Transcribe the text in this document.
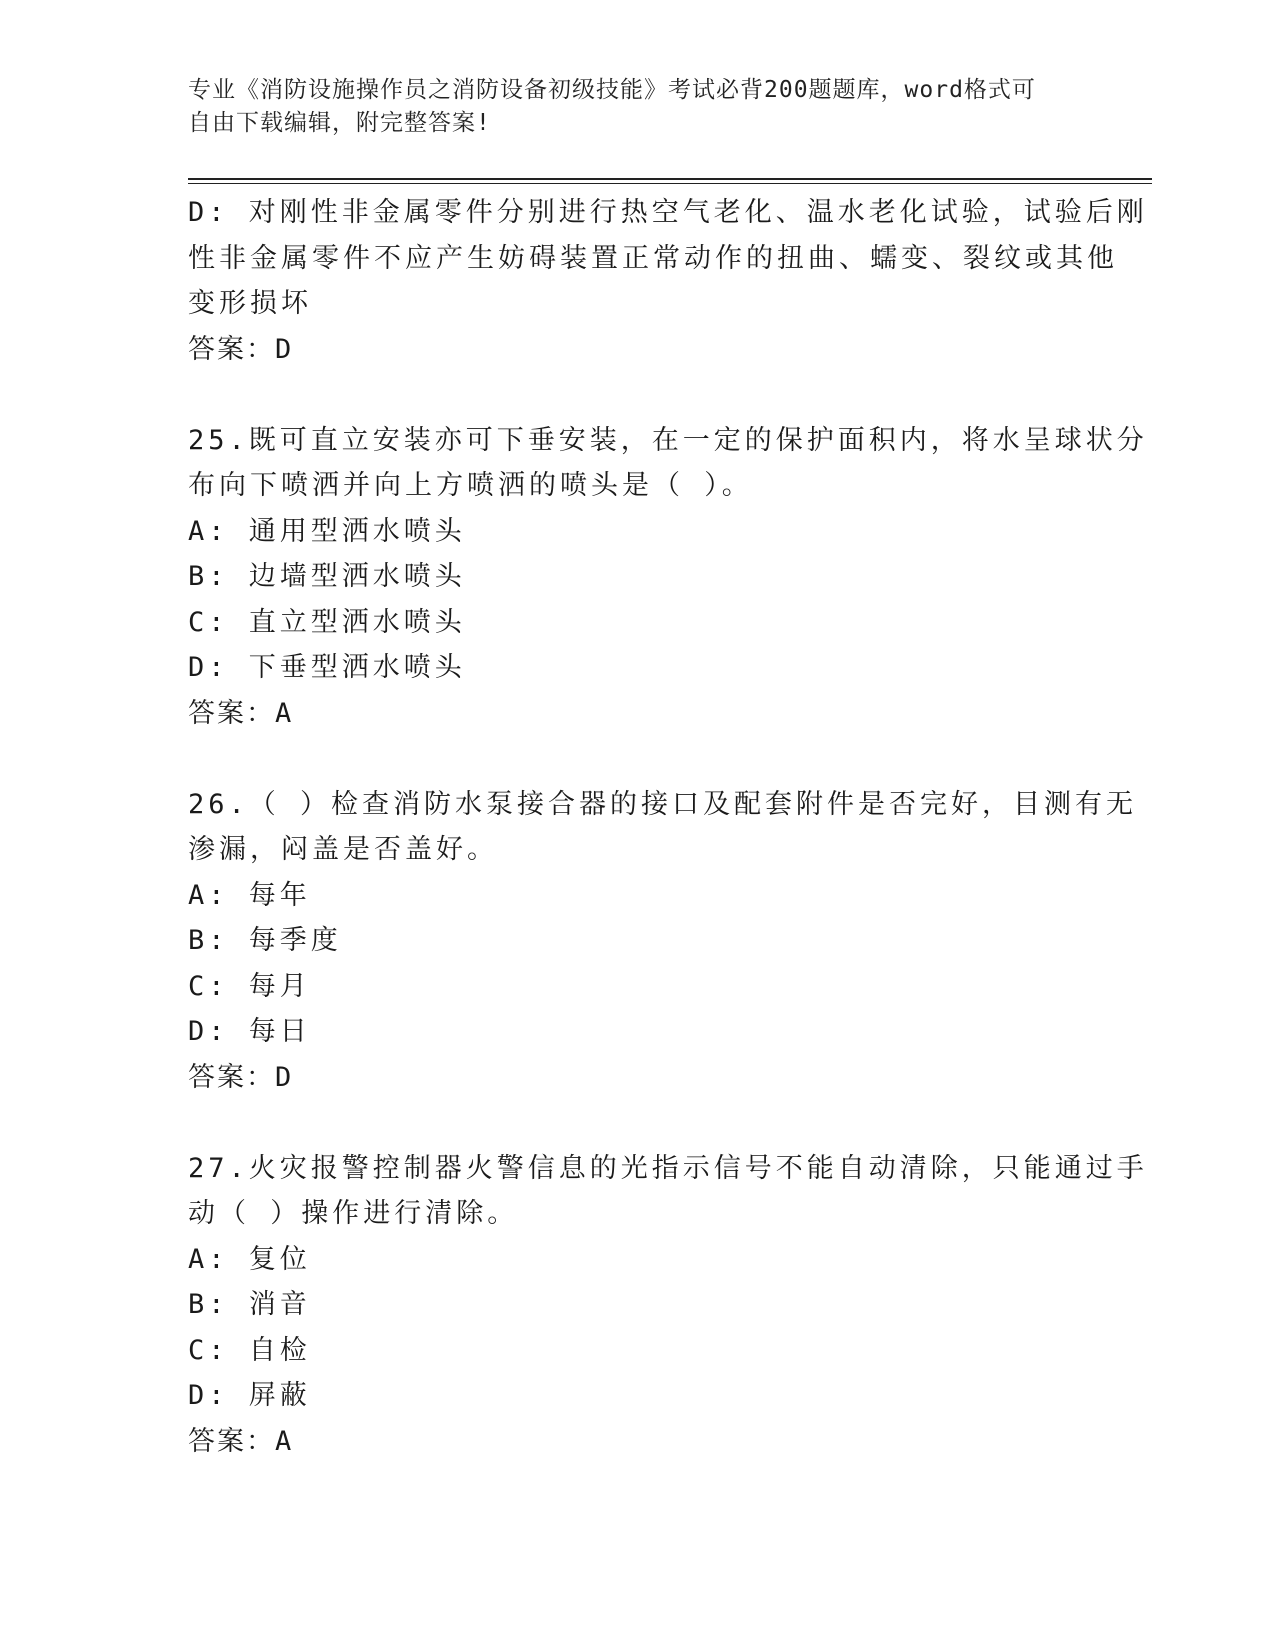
专业《消防设施操作员之消防设备初级技能》考试必背200题题库，word格式可
自由下载编辑，附完整答案!
D: 对刚性非金属零件分别进行热空气老化、温水老化试验，试验后刚
性非金属零件不应产生妨碍装置正常动作的扭曲、蠕变、裂纹或其他
变形损坏
答案：D
25.既可直立安装亦可下垂安装，在一定的保护面积内，将水呈球状分
布向下喷洒并向上方喷洒的喷头是（ ）。
A: 通用型洒水喷头
B: 边墙型洒水喷头
C: 直立型洒水喷头
D: 下垂型洒水喷头
答案：A
26.（ ）检查消防水泵接合器的接口及配套附件是否完好，目测有无
渗漏，闷盖是否盖好。
A: 每年
B: 每季度
C: 每月
D: 每日
答案：D
27.火灾报警控制器火警信息的光指示信号不能自动清除，只能通过手
动（ ）操作进行清除。
A: 复位
B: 消音
C: 自检
D: 屏蔽
答案：A
